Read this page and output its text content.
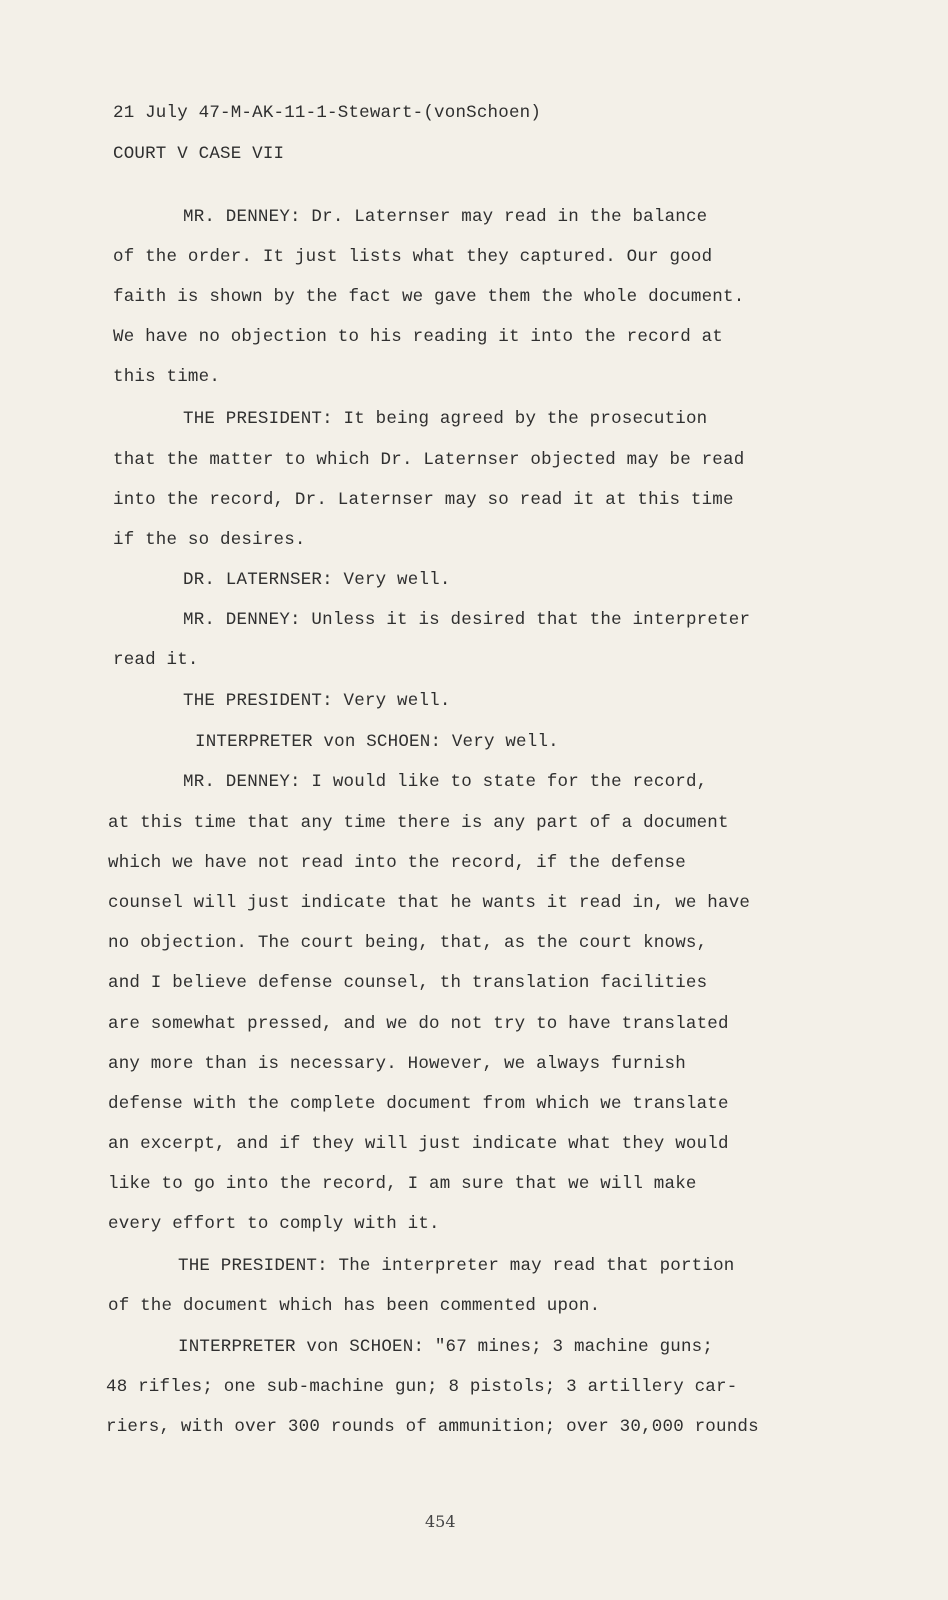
21 July 47-M-AK-11-1-Stewart-(vonSchoen)
COURT V CASE VII
MR. DENNEY: Dr. Laternser may read in the balance
of the order. It just lists what they captured. Our good
faith is shown by the fact we gave them the whole document.
We have no objection to his reading it into the record at
this time.
THE PRESIDENT: It being agreed by the prosecution
that the matter to which Dr. Laternser objected may be read
into the record, Dr. Laternser may so read it at this time
if the so desires.
DR. LATERNSER: Very well.
MR. DENNEY: Unless it is desired that the interpreter
read it.
THE PRESIDENT: Very well.
INTERPRETER von SCHOEN: Very well.
MR. DENNEY: I would like to state for the record,
at this time that any time there is any part of a document
which we have not read into the record, if the defense
counsel will just indicate that he wants it read in, we have
no objection. The court being, that, as the court knows,
and I believe defense counsel, th translation facilities
are somewhat pressed, and we do not try to have translated
any more than is necessary. However, we always furnish
defense with the complete document from which we translate
an excerpt, and if they will just indicate what they would
like to go into the record, I am sure that we will make
every effort to comply with it.
THE PRESIDENT: The interpreter may read that portion
of the document which has been commented upon.
INTERPRETER von SCHOEN: "67 mines; 3 machine guns;
48 rifles; one sub-machine gun; 8 pistols; 3 artillery car-
riers, with over 300 rounds of ammunition; over 30,000 rounds
454
